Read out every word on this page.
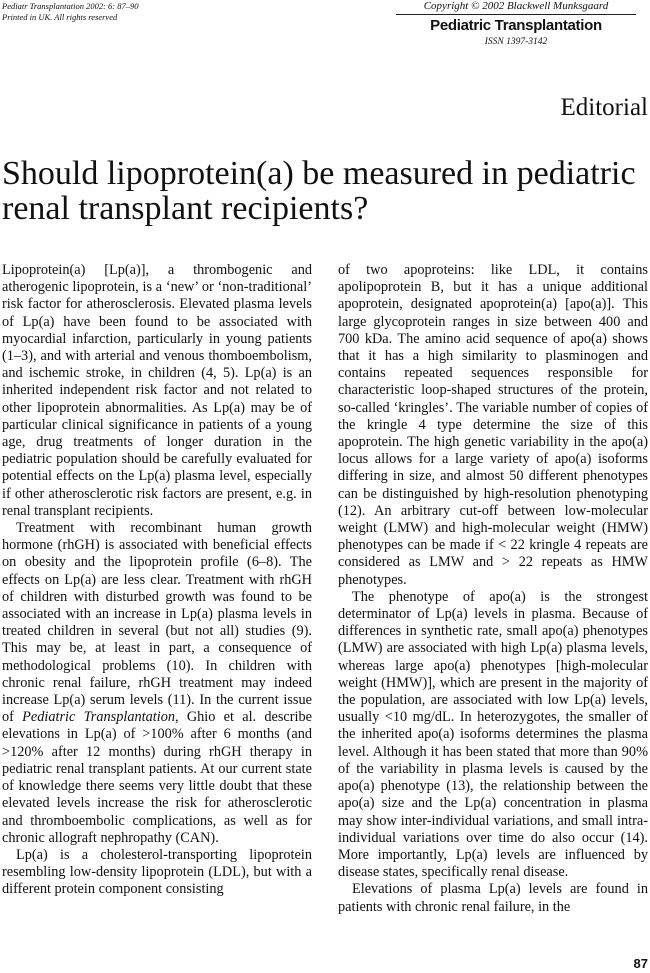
Pediatr Transplantation 2002: 6: 87–90
Printed in UK. All rights reserved
Copyright © 2002 Blackwell Munksgaard
Pediatric Transplantation
ISSN 1397-3142
Editorial
Should lipoprotein(a) be measured in pediatric renal transplant recipients?

Lipoprotein(a) [Lp(a)], a thrombogenic and atherogenic lipoprotein, is a ‘new’ or ‘non-traditional’ risk factor for atherosclerosis. Elevated plasma levels of Lp(a) have been found to be associated with myocardial infarction, particularly in young patients (1–3), and with arterial and venous thomboembolism, and ischemic stroke, in children (4, 5). Lp(a) is an inherited independent risk factor and not related to other lipoprotein abnormalities. As Lp(a) may be of particular clinical significance in patients of a young age, drug treatments of longer duration in the pediatric population should be carefully evaluated for potential effects on the Lp(a) plasma level, especially if other atherosclerotic risk factors are present, e.g. in renal transplant recipients.

Treatment with recombinant human growth hormone (rhGH) is associated with beneficial effects on obesity and the lipoprotein profile (6–8). The effects on Lp(a) are less clear. Treatment with rhGH of children with disturbed growth was found to be associated with an increase in Lp(a) plasma levels in treated children in several (but not all) studies (9). This may be, at least in part, a consequence of methodological problems (10). In children with chronic renal failure, rhGH treatment may indeed increase Lp(a) serum levels (11). In the current issue of Pediatric Transplantation, Ghio et al. describe elevations in Lp(a) of >100% after 6 months (and >120% after 12 months) during rhGH therapy in pediatric renal transplant patients. At our current state of knowledge there seems very little doubt that these elevated levels increase the risk for atherosclerotic and thromboembolic complications, as well as for chronic allograft nephropathy (CAN).

Lp(a) is a cholesterol-transporting lipoprotein resembling low-density lipoprotein (LDL), but with a different protein component consisting

of two apoproteins: like LDL, it contains apolipoprotein B, but it has a unique additional apoprotein, designated apoprotein(a) [apo(a)]. This large glycoprotein ranges in size between 400 and 700 kDa. The amino acid sequence of apo(a) shows that it has a high similarity to plasminogen and contains repeated sequences responsible for characteristic loop-shaped structures of the protein, so-called ‘kringles’. The variable number of copies of the kringle 4 type determine the size of this apoprotein. The high genetic variability in the apo(a) locus allows for a large variety of apo(a) isoforms differing in size, and almost 50 different phenotypes can be distinguished by high-resolution phenotyping (12). An arbitrary cut-off between low-molecular weight (LMW) and high-molecular weight (HMW) phenotypes can be made if < 22 kringle 4 repeats are considered as LMW and > 22 repeats as HMW phenotypes.

The phenotype of apo(a) is the strongest determinator of Lp(a) levels in plasma. Because of differences in synthetic rate, small apo(a) phenotypes (LMW) are associated with high Lp(a) plasma levels, whereas large apo(a) phenotypes [high-molecular weight (HMW)], which are present in the majority of the population, are associated with low Lp(a) levels, usually <10 mg/dL. In heterozygotes, the smaller of the inherited apo(a) isoforms determines the plasma level. Although it has been stated that more than 90% of the variability in plasma levels is caused by the apo(a) phenotype (13), the relationship between the apo(a) size and the Lp(a) concentration in plasma may show inter-individual variations, and small intra-individual variations over time do also occur (14). More importantly, Lp(a) levels are influenced by disease states, specifically renal disease.

Elevations of plasma Lp(a) levels are found in patients with chronic renal failure, in the

87
